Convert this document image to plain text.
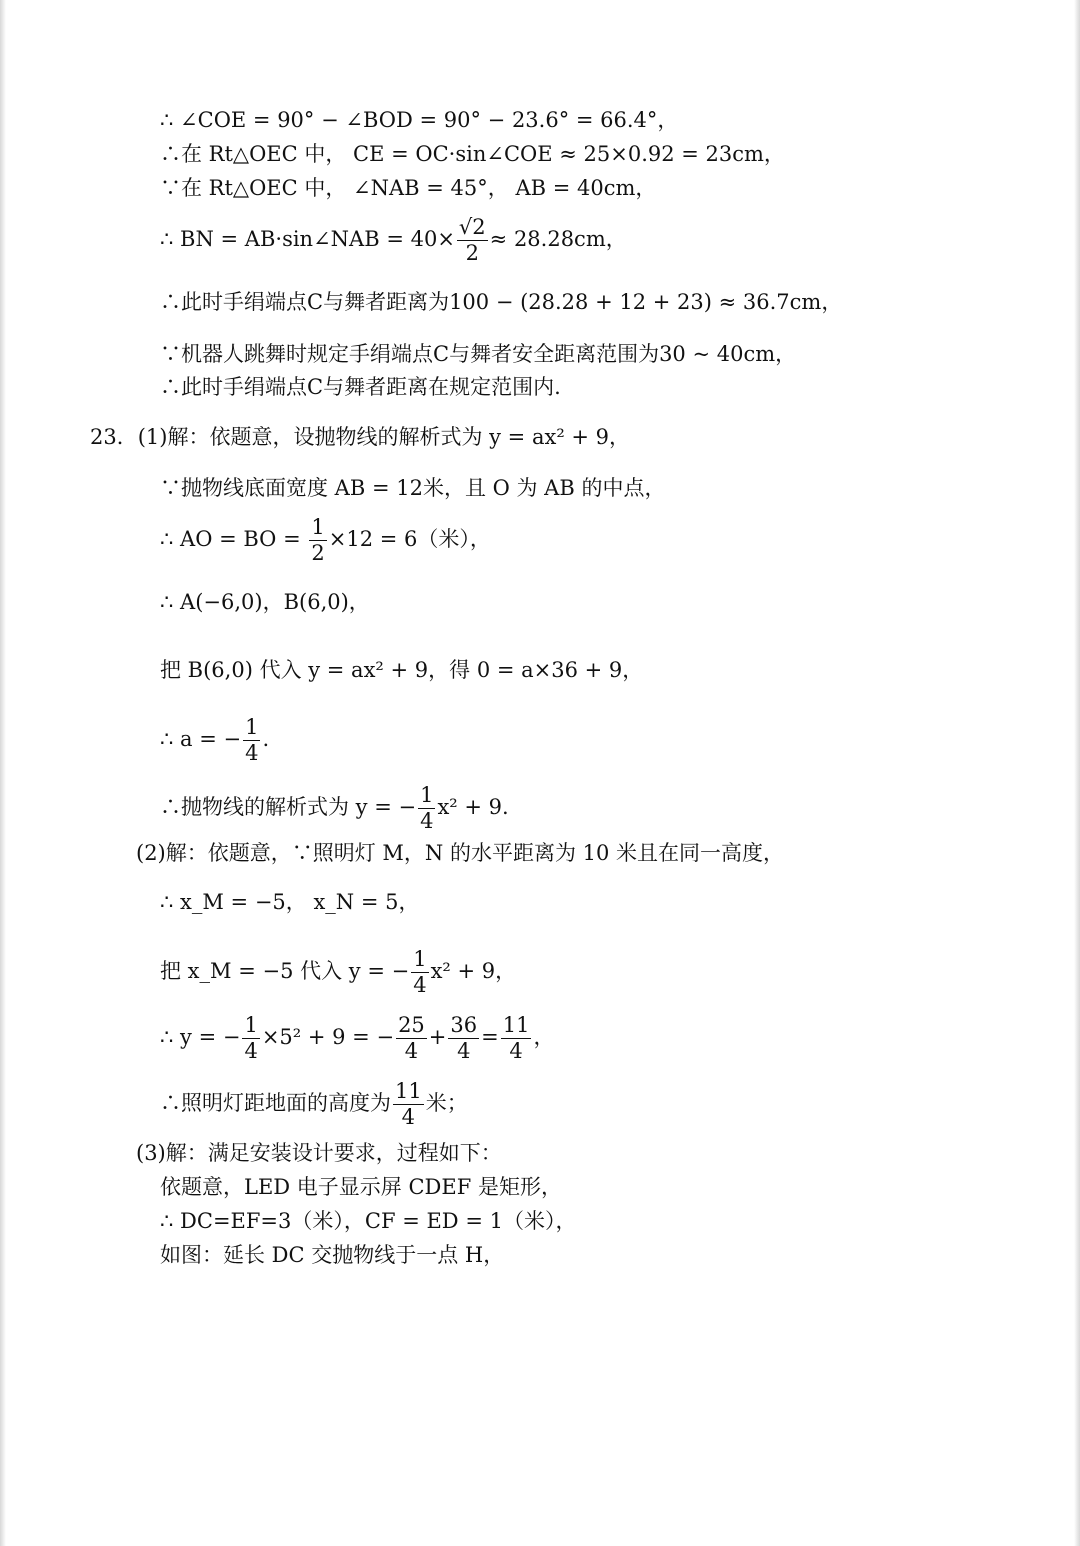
∴ ∠COE = 90° − ∠BOD = 90° − 23.6° = 66.4°，
∴在 Rt△OEC 中， CE = OC·sin∠COE ≈ 25×0.92 = 23cm，
∵在 Rt△OEC 中， ∠NAB = 45°， AB = 40cm，
∴ BN = AB·sin∠NAB = $40\times \frac{√2}{2} \approx 28.28cm$，
∴此时手绢端点C与舞者距离为100 − (28.28 + 12 + 23) ≈ 36.7cm，
∵机器人跳舞时规定手绢端点C与舞者安全距离范围为30 ~ 40cm，
∴此时手绢端点C与舞者距离在规定范围内.
23．(1)解：依题意，设抛物线的解析式为 y = ax² + 9，
∵抛物线底面宽度 AB = 12米，且 O 为 AB 的中点，
∴ AO = BO = $\frac{1}{2} \times 12 = 6$（米），
∴ A(−6,0)，B(6,0)，
把 B(6,0) 代入 y = ax² + 9，得 0 = a×36 + 9，
∴ a = − $\frac{1}{4}$ .
∴抛物线的解析式为 y = − $\frac{1}{4} x^2 + 9$.
(2)解：依题意，∵照明灯 M，N 的水平距离为 10 米且在同一高度，
∴ x_M = −5， x_N = 5，
把 x_M = −5 代入 y = − $\frac{1}{4} x^2 + 9$，
∴ y = − $\frac{1}{4} \times 5^2 + 9$ = − $\frac{25}{4} + \frac{36}{4} = \frac{11}{4}$ ，
∴照明灯距地面的高度为 $\frac{11}{4}$ 米；
(3)解：满足安装设计要求，过程如下：
依题意，LED 电子显示屏 CDEF 是矩形，
∴ DC=EF=3（米），CF = ED = 1（米），
如图：延长 DC 交抛物线于一点 H，
